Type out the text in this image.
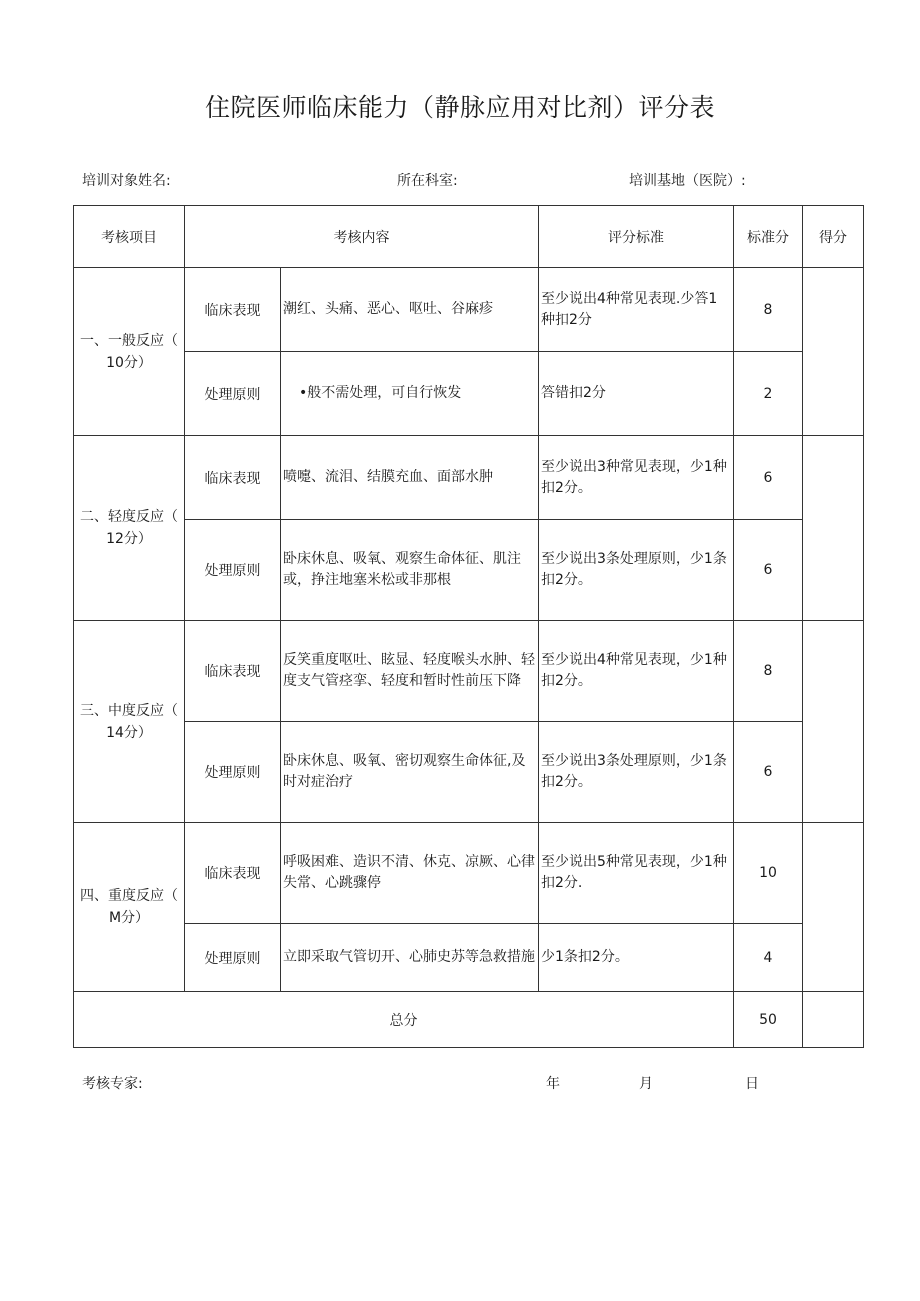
住院医师临床能力（静脉应用对比剂）评分表
培训对象姓名:	所在科室:	培训基地（医院）:
考核项目	考核内容		评分标准	标准分	得分

一、一般反应（
10分）	临床表现	潮红、头痛、恶心、呕吐、谷麻疹	至少说出4种常见表现.少答1种扣2分	8	
	处理原则	•般不需处理，可自行恢发	答错扣2分	2	

二、轻度反应（
12分）	临床表现	喷嚏、流泪、结膜充血、面部水肿	至少说出3种常见表现，少1种扣2分。	6	
	处理原则	卧床休息、吸氧、观察生命体征、肌注或，挣注地塞米松或非那根	至少说出3条处理原则，少1条扣2分。	6	

三、中度反应（
14分）	临床表现	反笑重度呕吐、眩显、轻度喉头水肿、轻度支气管痉挛、轻度和暂时性前压下降	至少说出4种常见表现，少1种扣2分。	8	
	处理原则	卧床休息、吸氧、密切观察生命体征,及时对症治疗	至少说出3条处理原则，少1条扣2分。	6	

四、重度反应（
M分）	临床表现	呼吸困难、造识不清、休克、凉厥、心律失常、心跳骤停	至少说出5种常见表现，少1种扣2分.	10	
	处理原则	立即采取气管切开、心肺史苏等急救措施	少1条扣2分。	4	
总分				50	
考核专家:	年	月	日
